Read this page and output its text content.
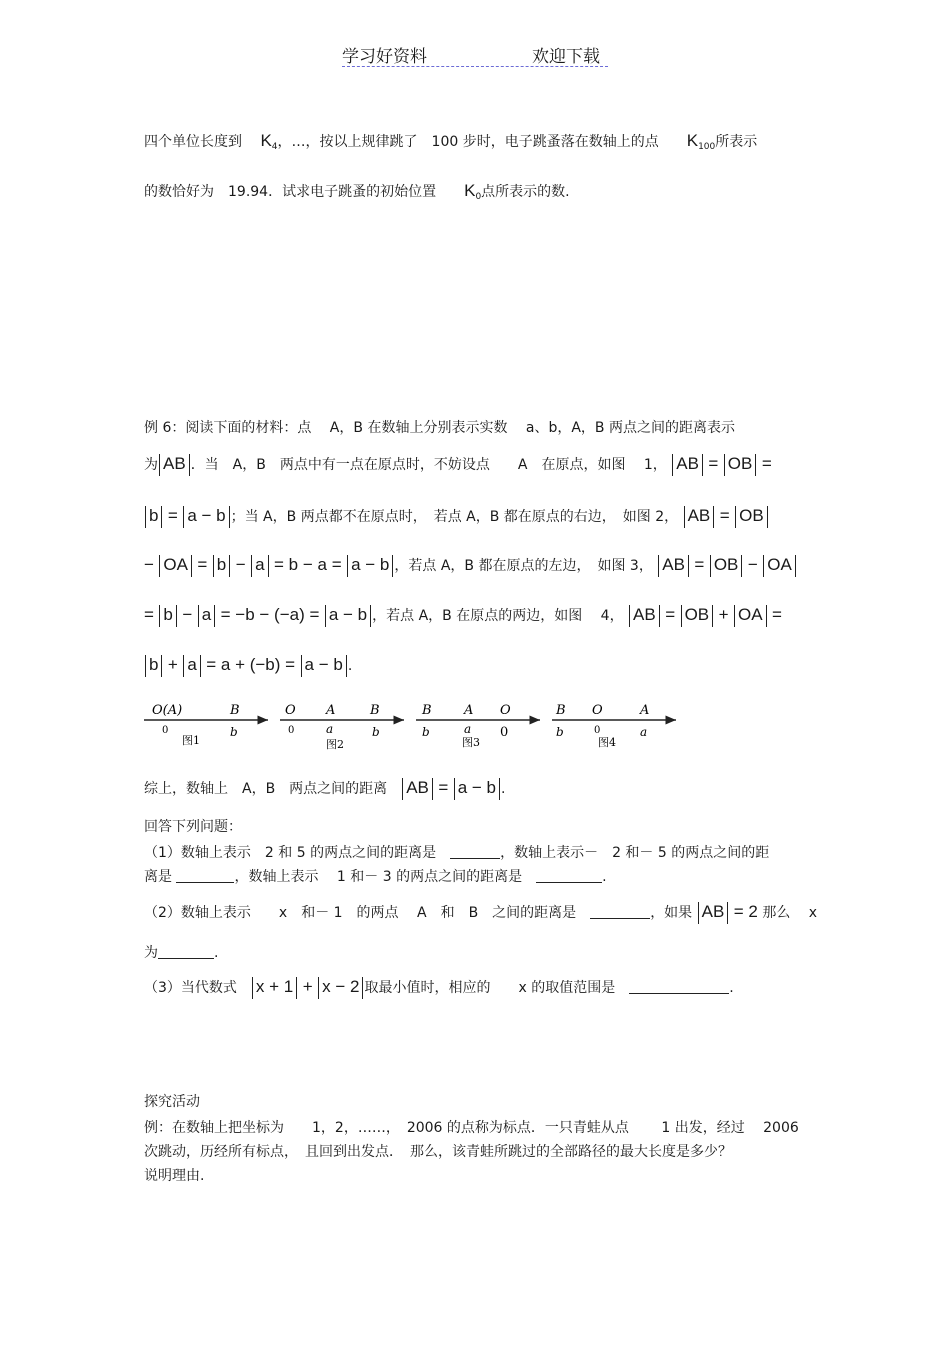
学习好资料	欢迎下载
四个单位长度到  $K_4$，…，按以上规律跳了  100 步时，电子跳蚤落在数轴上的点   $K_{100}$所表示
的数恰好为  19.94．试求电子跳蚤的初始位置   $K_0$点所表示的数.
例 6：阅读下面的材料：点　 A，B 在数轴上分别表示实数　 a、b，A，B 两点之间的距离表示
为 AB ．当　A，B　两点中有一点在原点时，不妨设点　　A　在原点，如图　 1， AB = OB =
b = a − b ；当 A，B 两点都不在原点时，　若点 A，B 都在原点的右边，　如图 2， AB = OB
− OA = b − a = b − a = a − b ，若点 A，B 都在原点的左边，　如图 3， AB = OB − OA
= b − a = −b − (−a) = a − b ，若点 A，B 在原点的两边，如图　 4， AB = OB + OA =
b + a = a + (−b) = a − b .
O(A)	B
0	b
图1
O A	B
0	a	b
图2
B A O
b	a 0
图3
B O	A
b	0	a
图4
综上，数轴上　A，B　两点之间的距离  AB = a − b .
回答下列问题：
（1）数轴上表示　2 和 5 的两点之间的距离是 	，数轴上表示－　2 和－ 5 的两点之间的距
离是	，数轴上表示　 1 和－ 3 的两点之间的距离是 	.
（2）数轴上表示　　x　和－ 1　的两点　 A　和　B　之间的距离是 	，如果 AB = 2 那么　 x
为	.
（3）当代数式  x + 1 + x − 2 取最小值时，相应的　　x 的取值范围是 	.
探究活动
例：在数轴上把坐标为　　1，2，……，　2006 的点称为标点．一只青蛙从点　　 1 出发，经过　 2006
次跳动，历经所有标点，　且回到出发点．　那么，该青蛙所跳过的全部路径的最大长度是多少？
说明理由.
